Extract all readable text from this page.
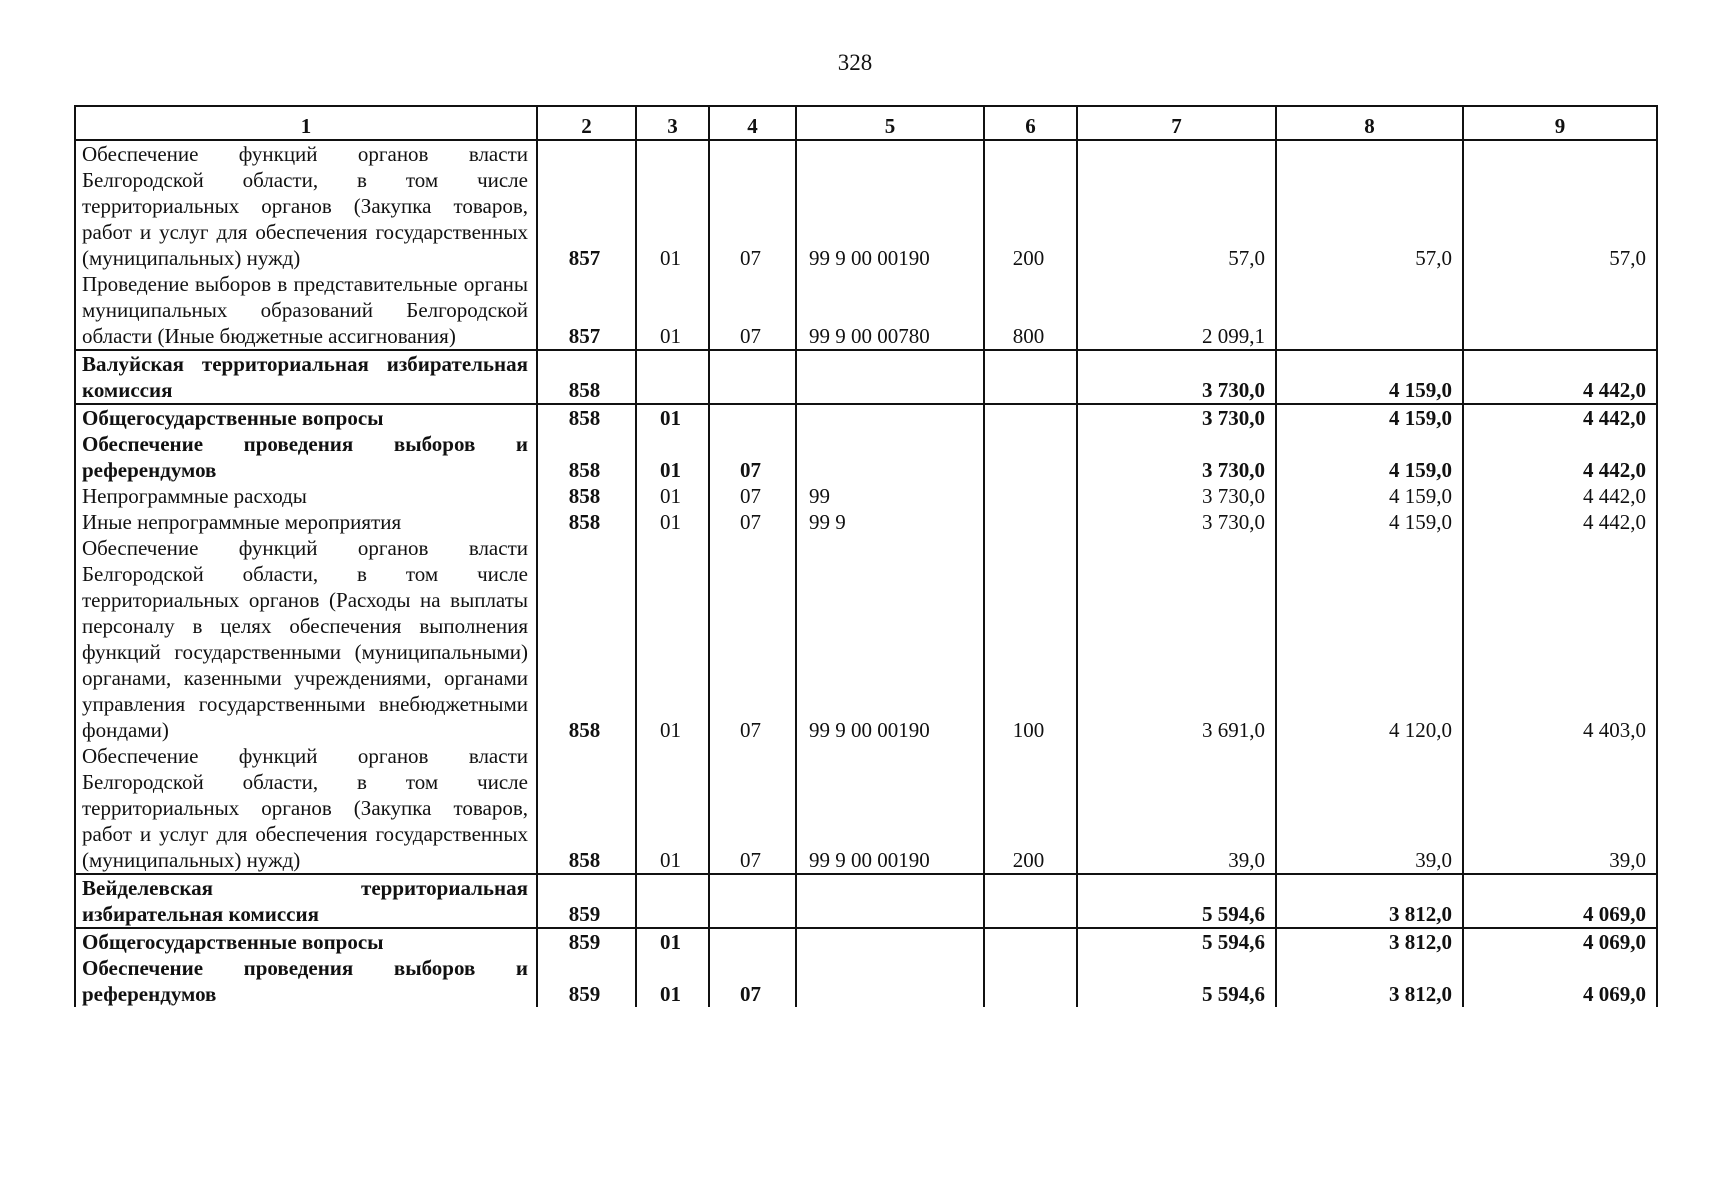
328
1	2	3	4	5	6	7	8	9
Обеспечение функций органов власти Белгородской области, в том числе территориальных органов (Закупка товаров, работ и услуг для обеспечения государственных (муниципальных) нужд)	857	01	07	99 9 00 00190	200	57,0	57,0	57,0
Проведение выборов в представительные органы муниципальных образований Белгородской области (Иные бюджетные ассигнования)	857	01	07	99 9 00 00780	800	2 099,1		
Валуйская территориальная избирательная комиссия	858					3 730,0	4 159,0	4 442,0
Общегосударственные вопросы	858	01				3 730,0	4 159,0	4 442,0
Обеспечение проведения выборов и референдумов	858	01	07			3 730,0	4 159,0	4 442,0
Непрограммные расходы	858	01	07	99		3 730,0	4 159,0	4 442,0
Иные непрограммные мероприятия	858	01	07	99 9		3 730,0	4 159,0	4 442,0
Обеспечение функций органов власти Белгородской области, в том числе территориальных органов (Расходы на выплаты персоналу в целях обеспечения выполнения функций государственными (муниципальными) органами, казенными учреждениями, органами управления государственными внебюджетными фондами)	858	01	07	99 9 00 00190	100	3 691,0	4 120,0	4 403,0
Обеспечение функций органов власти Белгородской области, в том числе территориальных органов (Закупка товаров, работ и услуг для обеспечения государственных (муниципальных) нужд)	858	01	07	99 9 00 00190	200	39,0	39,0	39,0
Вейделевская территориальная избирательная комиссия	859					5 594,6	3 812,0	4 069,0
Общегосударственные вопросы	859	01				5 594,6	3 812,0	4 069,0
Обеспечение проведения выборов и референдумов	859	01	07			5 594,6	3 812,0	4 069,0
